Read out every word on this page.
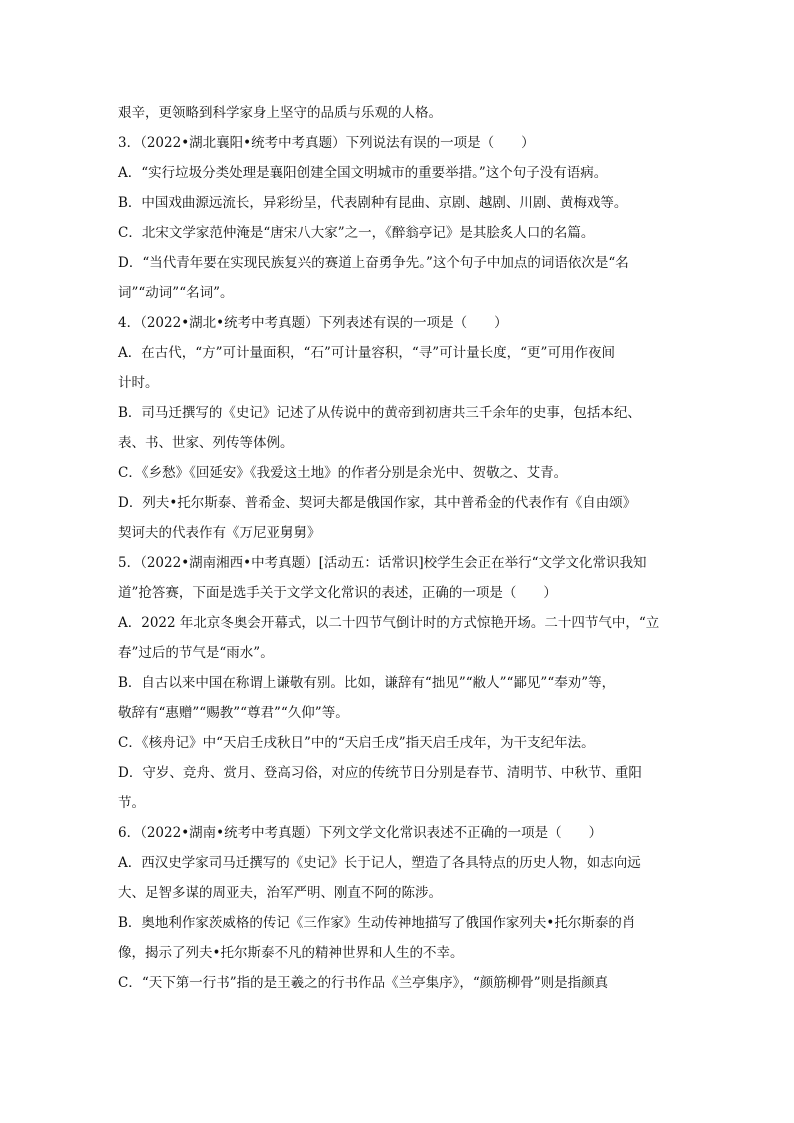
艰辛，更领略到科学家身上坚守的品质与乐观的人格。
3．（2022•湖北襄阳•统考中考真题）下列说法有误的一项是（　　）
A．“实行垃圾分类处理是襄阳创建全国文明城市的重要举措。”这个句子没有语病。
B．中国戏曲源远流长，异彩纷呈，代表剧种有昆曲、京剧、越剧、川剧、黄梅戏等。
C．北宋文学家范仲淹是“唐宋八大家”之一，《醉翁亭记》是其脍炙人口的名篇。
D．“当代青年要在实现民族复兴的赛道上奋勇争先。”这个句子中加点的词语依次是“名
词”“动词”“名词”。
4．（2022•湖北•统考中考真题）下列表述有误的一项是（　　）
A．在古代，“方”可计量面积，“石”可计量容积，“寻”可计量长度，“更”可用作夜间
计时。
B．司马迁撰写的《史记》记述了从传说中的黄帝到初唐共三千余年的史事，包括本纪、
表、书、世家、列传等体例。
C．《乡愁》《回延安》《我爱这土地》的作者分别是余光中、贺敬之、艾青。
D．列夫•托尔斯泰、普希金、契诃夫都是俄国作家，其中普希金的代表作有《自由颂》
契诃夫的代表作有《万尼亚舅舅》
5．（2022•湖南湘西•中考真题）[活动五：话常识]校学生会正在举行“文学文化常识我知
道”抢答赛，下面是选手关于文学文化常识的表述，正确的一项是（　　）
A．2022 年北京冬奥会开幕式，以二十四节气倒计时的方式惊艳开场。二十四节气中，“立
春”过后的节气是“雨水”。
B．自古以来中国在称谓上谦敬有别。比如，谦辞有“拙见”“敝人”“鄙见”“奉劝”等，
敬辞有“惠赠”“赐教”“尊君”“久仰”等。
C．《核舟记》中“天启壬戌秋日”中的“天启壬戌”指天启壬戌年，为干支纪年法。
D．守岁、竞舟、赏月、登高习俗，对应的传统节日分别是春节、清明节、中秋节、重阳
节。
6．（2022•湖南•统考中考真题）下列文学文化常识表述不正确的一项是（　　）
A．西汉史学家司马迁撰写的《史记》长于记人，塑造了各具特点的历史人物，如志向远
大、足智多谋的周亚夫，治军严明、刚直不阿的陈涉。
B．奥地利作家茨威格的传记《三作家》生动传神地描写了俄国作家列夫•托尔斯泰的肖
像，揭示了列夫•托尔斯泰不凡的精神世界和人生的不幸。
C．“天下第一行书”指的是王羲之的行书作品《兰亭集序》，“颜筋柳骨”则是指颜真
